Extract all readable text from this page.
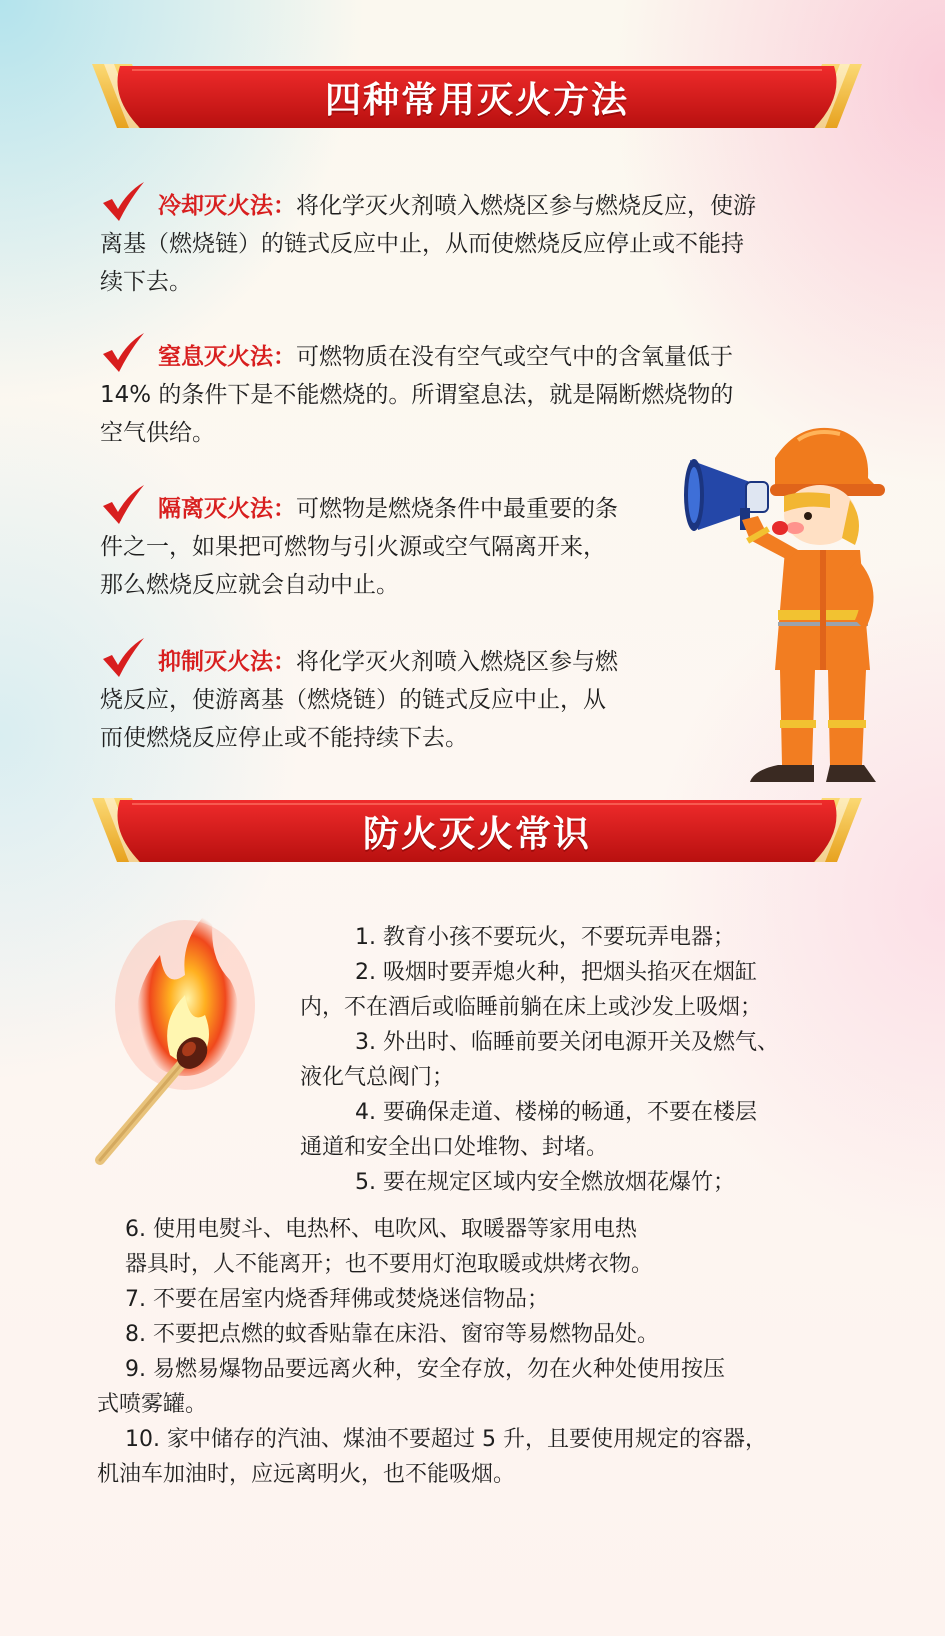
四种常用灭火方法
冷却灭火法：将化学灭火剂喷入燃烧区参与燃烧反应，使游
离基（燃烧链）的链式反应中止，从而使燃烧反应停止或不能持
续下去。
窒息灭火法：可燃物质在没有空气或空气中的含氧量低于
14% 的条件下是不能燃烧的。所谓窒息法，就是隔断燃烧物的
空气供给。
隔离灭火法：可燃物是燃烧条件中最重要的条
件之一，如果把可燃物与引火源或空气隔离开来，
那么燃烧反应就会自动中止。
抑制灭火法：将化学灭火剂喷入燃烧区参与燃
烧反应，使游离基（燃烧链）的链式反应中止，从
而使燃烧反应停止或不能持续下去。
防火灭火常识
1. 教育小孩不要玩火，不要玩弄电器；
2. 吸烟时要弄熄火种，把烟头掐灭在烟缸
内，不在酒后或临睡前躺在床上或沙发上吸烟；
3. 外出时、临睡前要关闭电源开关及燃气、
液化气总阀门；
4. 要确保走道、楼梯的畅通，不要在楼层
通道和安全出口处堆物、封堵。
5. 要在规定区域内安全燃放烟花爆竹；
6. 使用电熨斗、电热杯、电吹风、取暖器等家用电热
器具时，人不能离开；也不要用灯泡取暖或烘烤衣物。
7. 不要在居室内烧香拜佛或焚烧迷信物品；
8. 不要把点燃的蚊香贴靠在床沿、窗帘等易燃物品处。
9. 易燃易爆物品要远离火种，安全存放，勿在火种处使用按压
式喷雾罐。
10. 家中储存的汽油、煤油不要超过 5 升，且要使用规定的容器，
机油车加油时，应远离明火，也不能吸烟。
